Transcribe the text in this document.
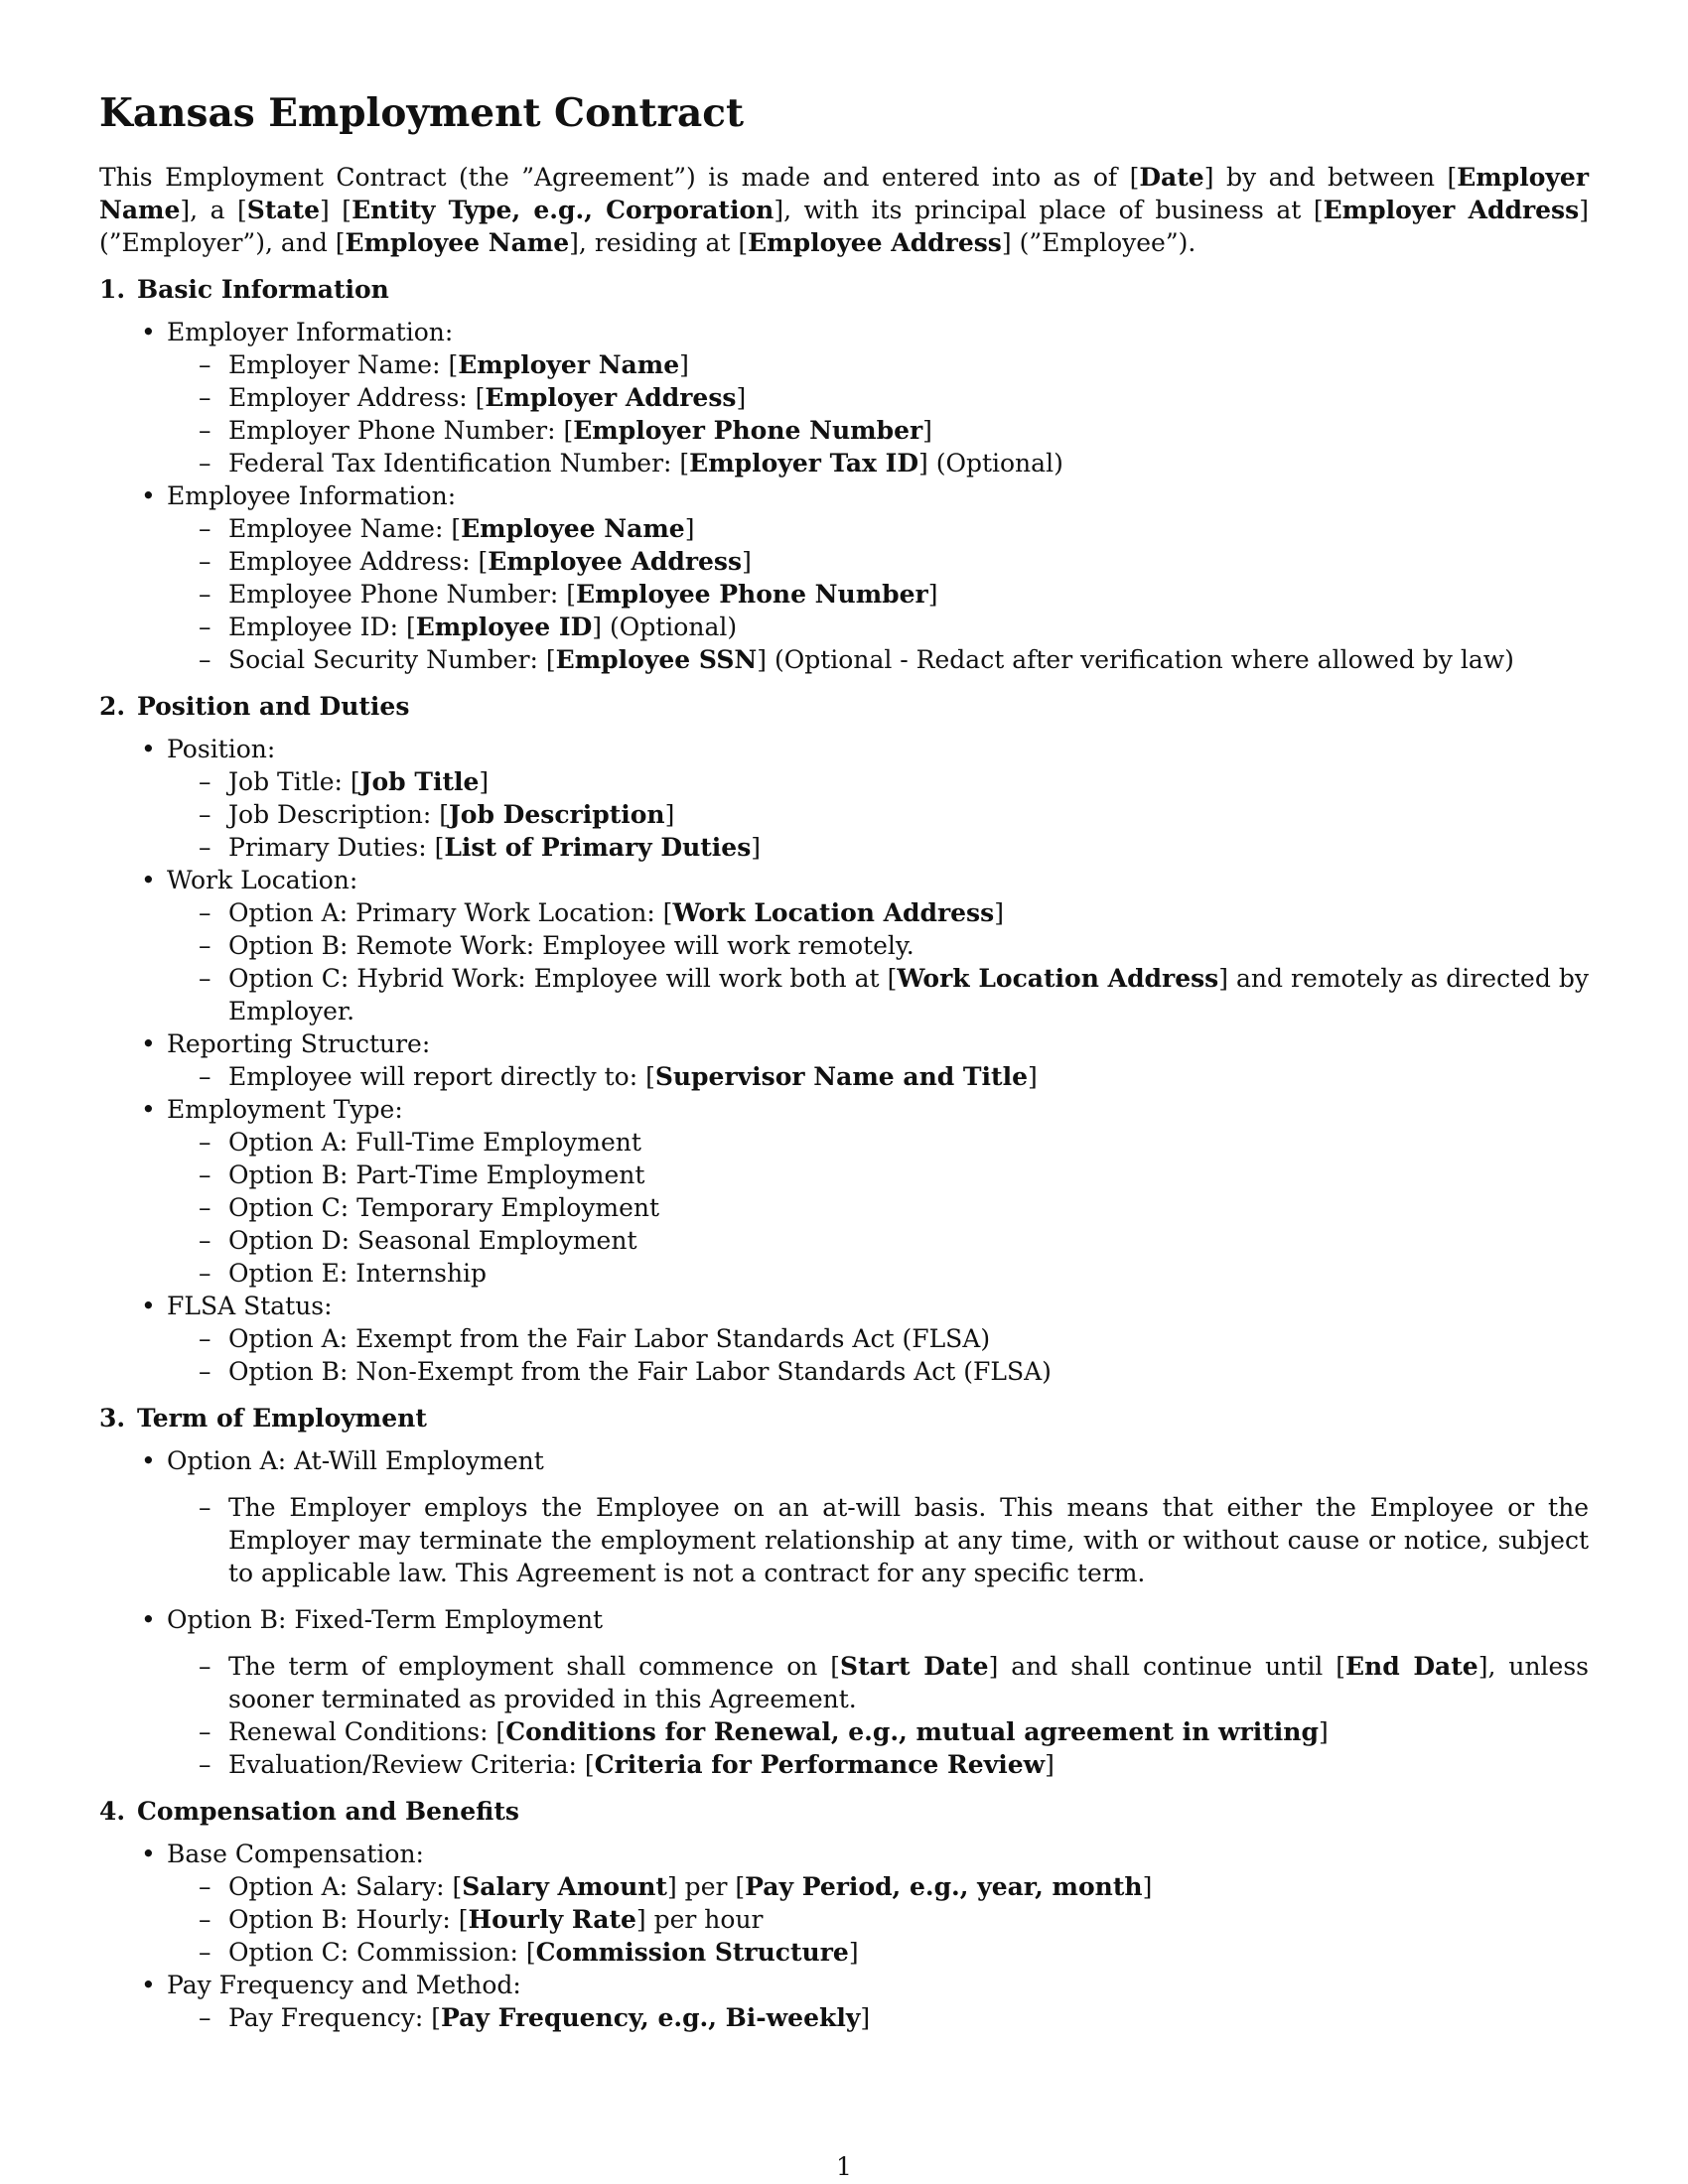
Kansas Employment Contract

This Employment Contract (the ”Agreement”) is made and entered into as of [Date] by and between [Employer Name], a [State] [Entity Type, e.g., Corporation], with its principal place of business at [Employer Address] (”Employer”), and [Employee Name], residing at [Employee Address] (”Employee”).

1. Basic Information
• Employer Information:
– Employer Name: [Employer Name]
– Employer Address: [Employer Address]
– Employer Phone Number: [Employer Phone Number]
– Federal Tax Identification Number: [Employer Tax ID] (Optional)
• Employee Information:
– Employee Name: [Employee Name]
– Employee Address: [Employee Address]
– Employee Phone Number: [Employee Phone Number]
– Employee ID: [Employee ID] (Optional)
– Social Security Number: [Employee SSN] (Optional - Redact after verification where allowed by law)
2. Position and Duties
• Position:
– Job Title: [Job Title]
– Job Description: [Job Description]
– Primary Duties: [List of Primary Duties]
• Work Location:
– Option A: Primary Work Location: [Work Location Address]
– Option B: Remote Work: Employee will work remotely.
– Option C: Hybrid Work: Employee will work both at [Work Location Address] and remotely as directed by Employer.
• Reporting Structure:
– Employee will report directly to: [Supervisor Name and Title]
• Employment Type:
– Option A: Full-Time Employment
– Option B: Part-Time Employment
– Option C: Temporary Employment
– Option D: Seasonal Employment
– Option E: Internship
• FLSA Status:
– Option A: Exempt from the Fair Labor Standards Act (FLSA)
– Option B: Non-Exempt from the Fair Labor Standards Act (FLSA)
3. Term of Employment
• Option A: At-Will Employment
– The Employer employs the Employee on an at-will basis. This means that either the Employee or the Employer may terminate the employment relationship at any time, with or without cause or notice, subject to applicable law. This Agreement is not a contract for any specific term.
• Option B: Fixed-Term Employment
– The term of employment shall commence on [Start Date] and shall continue until [End Date], unless sooner terminated as provided in this Agreement.
– Renewal Conditions: [Conditions for Renewal, e.g., mutual agreement in writing]
– Evaluation/Review Criteria: [Criteria for Performance Review]
4. Compensation and Benefits
• Base Compensation:
– Option A: Salary: [Salary Amount] per [Pay Period, e.g., year, month]
– Option B: Hourly: [Hourly Rate] per hour
– Option C: Commission: [Commission Structure]
• Pay Frequency and Method:
– Pay Frequency: [Pay Frequency, e.g., Bi-weekly]
1
